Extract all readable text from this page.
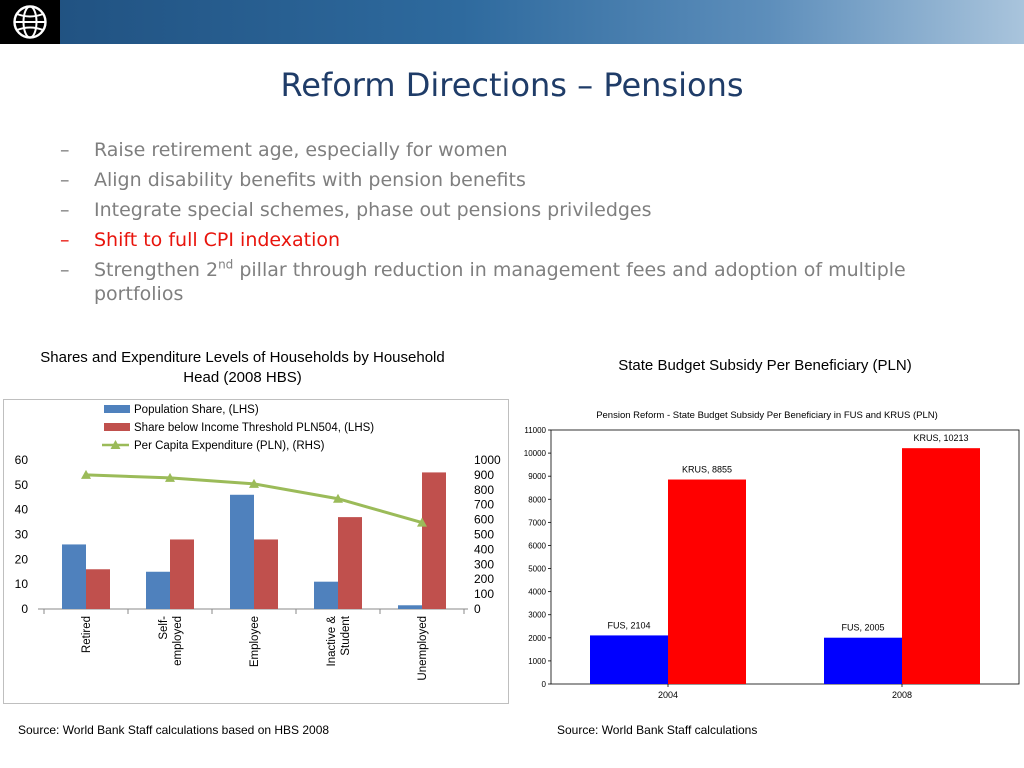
Reform Directions – Pensions
– Raise retirement age, especially for women
– Align disability benefits with pension benefits
– Integrate special schemes, phase out pensions priviledges
– Shift to full CPI indexation
– Strengthen 2nd pillar through reduction in management fees and adoption of multiple portfolios
Shares and Expenditure Levels of Households by Household Head (2008 HBS)
State Budget Subsidy Per Beneficiary (PLN)
Population Share, (LHS)
Share below Income Threshold PLN504, (LHS)
Per Capita Expenditure (PLN), (RHS)
0
10
20
30
40
50
60
0
100
200
300
400
500
600
700
800
900
1000
Retired	Self- employed	Employee	Inactive & Student	Unemployed
Pension Reform - State Budget Subsidy Per Beneficiary in FUS and KRUS (PLN)
0
1000
2000
3000
4000
5000
6000
7000
8000
9000
10000
11000
FUS, 2104
KRUS, 8855
2004
FUS, 2005
KRUS, 10213
2008
Source: World Bank Staff calculations based on HBS 2008	Source: World Bank Staff calculations
